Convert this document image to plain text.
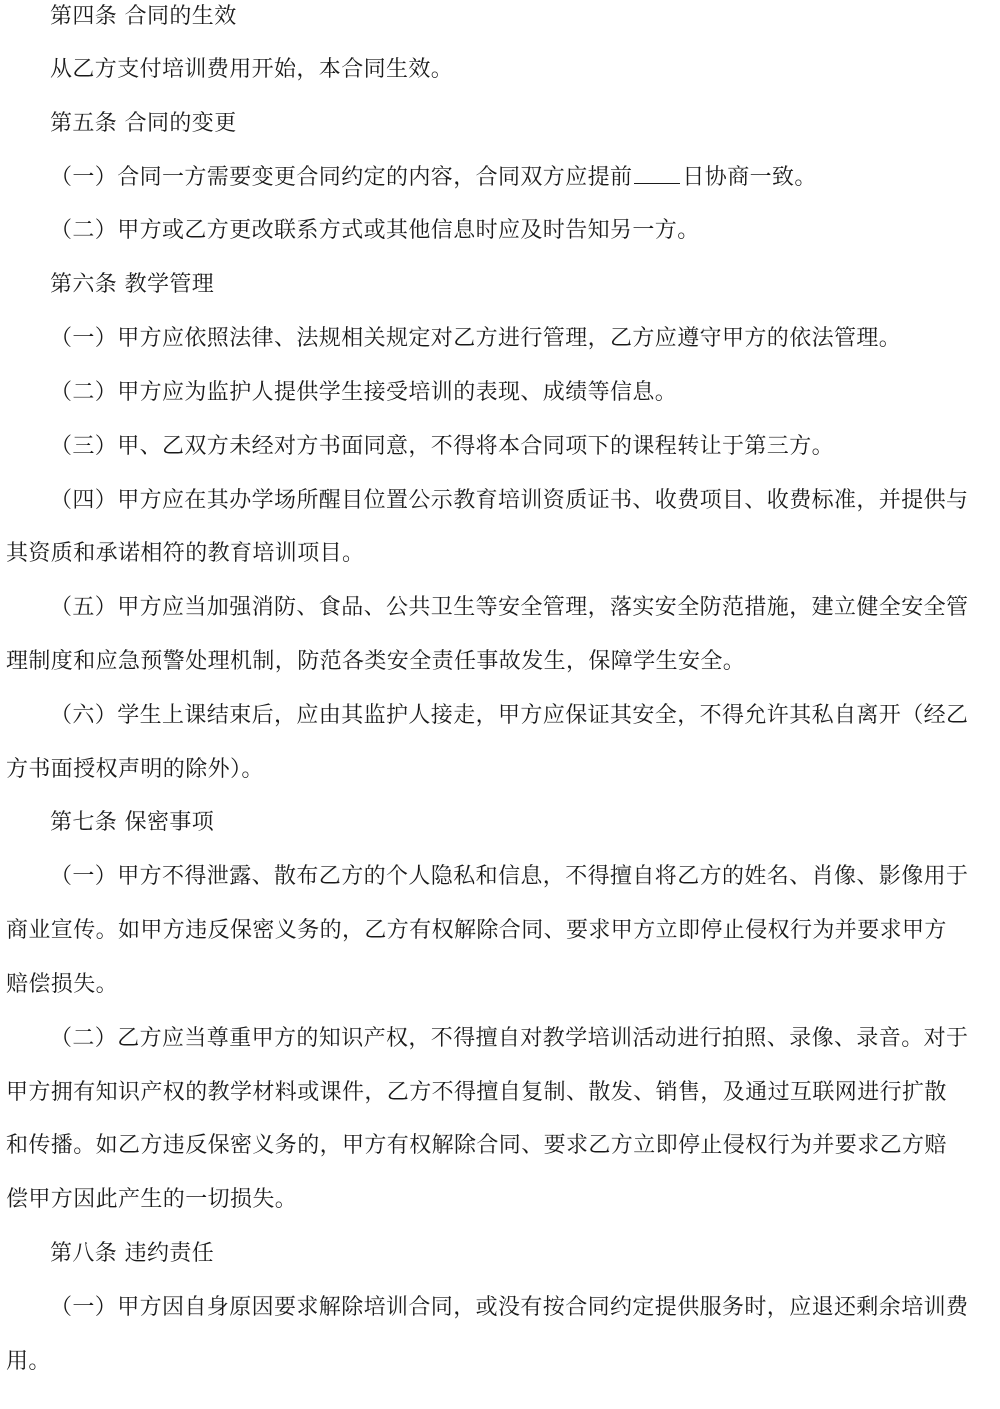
第四条 合同的生效
从乙方支付培训费用开始，本合同生效。
第五条 合同的变更
（一）合同一方需要变更合同约定的内容，合同双方应提前 日协商一致。
（二）甲方或乙方更改联系方式或其他信息时应及时告知另一方。
第六条 教学管理
（一）甲方应依照法律、法规相关规定对乙方进行管理，乙方应遵守甲方的依法管理。
（二）甲方应为监护人提供学生接受培训的表现、成绩等信息。
（三）甲、乙双方未经对方书面同意，不得将本合同项下的课程转让于第三方。
（四）甲方应在其办学场所醒目位置公示教育培训资质证书、收费项目、收费标准，并提供与
其资质和承诺相符的教育培训项目。
（五）甲方应当加强消防、食品、公共卫生等安全管理，落实安全防范措施，建立健全安全管
理制度和应急预警处理机制，防范各类安全责任事故发生，保障学生安全。
（六）学生上课结束后，应由其监护人接走，甲方应保证其安全，不得允许其私自离开（经乙
方书面授权声明的除外）。
第七条 保密事项
（一）甲方不得泄露、散布乙方的个人隐私和信息，不得擅自将乙方的姓名、肖像、影像用于
商业宣传。如甲方违反保密义务的，乙方有权解除合同、要求甲方立即停止侵权行为并要求甲方
赔偿损失。
（二）乙方应当尊重甲方的知识产权，不得擅自对教学培训活动进行拍照、录像、录音。对于
甲方拥有知识产权的教学材料或课件，乙方不得擅自复制、散发、销售，及通过互联网进行扩散
和传播。如乙方违反保密义务的，甲方有权解除合同、要求乙方立即停止侵权行为并要求乙方赔
偿甲方因此产生的一切损失。
第八条 违约责任
（一）甲方因自身原因要求解除培训合同，或没有按合同约定提供服务时，应退还剩余培训费
用。
